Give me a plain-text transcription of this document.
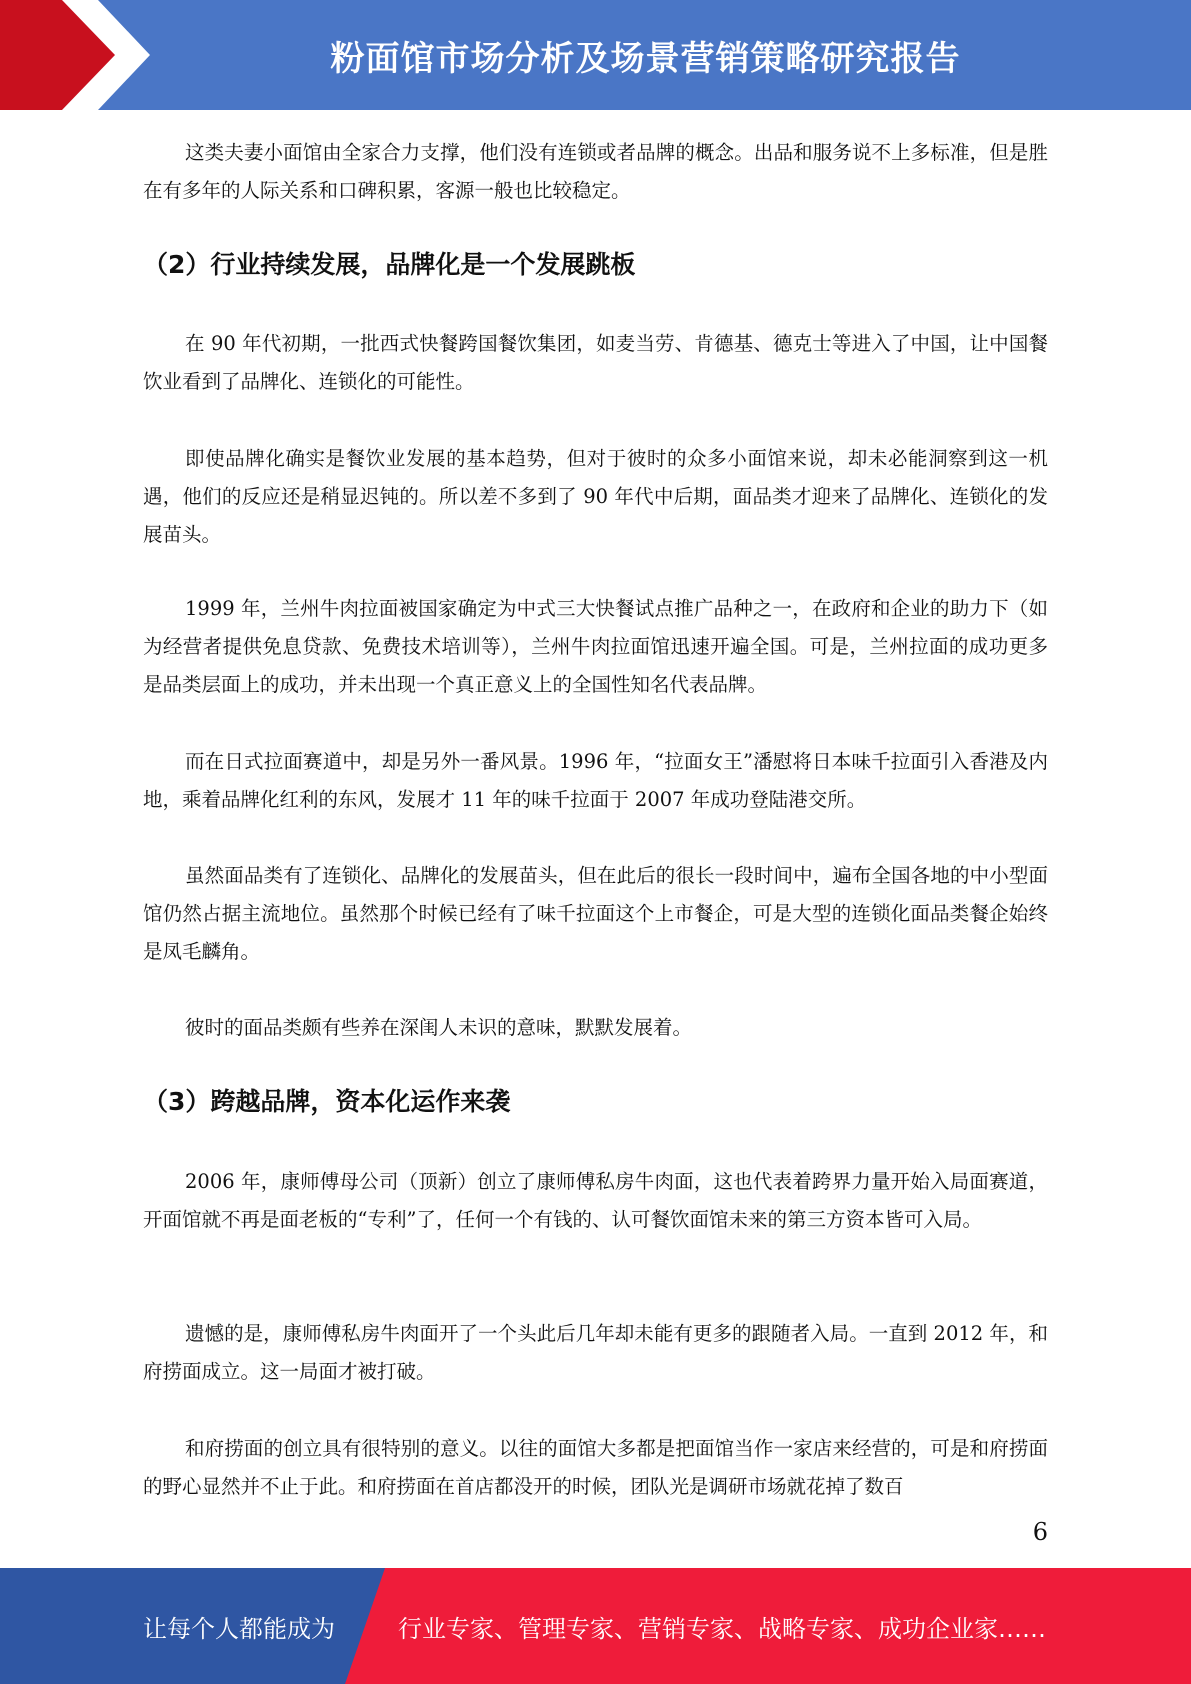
粉面馆市场分析及场景营销策略研究报告

这类夫妻小面馆由全家合力支撑，他们没有连锁或者品牌的概念。出品和服务说不上多标准，但是胜在有多年的人际关系和口碑积累，客源一般也比较稳定。

（2）行业持续发展，品牌化是一个发展跳板

在 90 年代初期，一批西式快餐跨国餐饮集团，如麦当劳、肯德基、德克士等进入了中国，让中国餐饮业看到了品牌化、连锁化的可能性。

即使品牌化确实是餐饮业发展的基本趋势，但对于彼时的众多小面馆来说，却未必能洞察到这一机遇，他们的反应还是稍显迟钝的。所以差不多到了 90 年代中后期，面品类才迎来了品牌化、连锁化的发展苗头。

1999 年，兰州牛肉拉面被国家确定为中式三大快餐试点推广品种之一，在政府和企业的助力下（如为经营者提供免息贷款、免费技术培训等），兰州牛肉拉面馆迅速开遍全国。可是，兰州拉面的成功更多是品类层面上的成功，并未出现一个真正意义上的全国性知名代表品牌。

而在日式拉面赛道中，却是另外一番风景。1996 年，“拉面女王”潘慰将日本味千拉面引入香港及内地，乘着品牌化红利的东风，发展才 11 年的味千拉面于 2007 年成功登陆港交所。

虽然面品类有了连锁化、品牌化的发展苗头，但在此后的很长一段时间中，遍布全国各地的中小型面馆仍然占据主流地位。虽然那个时候已经有了味千拉面这个上市餐企，可是大型的连锁化面品类餐企始终是凤毛麟角。

彼时的面品类颇有些养在深闺人未识的意味，默默发展着。

（3）跨越品牌，资本化运作来袭

2006 年，康师傅母公司（顶新）创立了康师傅私房牛肉面，这也代表着跨界力量开始入局面赛道，开面馆就不再是面老板的“专利”了，任何一个有钱的、认可餐饮面馆未来的第三方资本皆可入局。

遗憾的是，康师傅私房牛肉面开了一个头此后几年却未能有更多的跟随者入局。一直到 2012 年，和府捞面成立。这一局面才被打破。

和府捞面的创立具有很特别的意义。以往的面馆大多都是把面馆当作一家店来经营的，可是和府捞面的野心显然并不止于此。和府捞面在首店都没开的时候，团队光是调研市场就花掉了数百

6
让每个人都能成为	行业专家、管理专家、营销专家、战略专家、成功企业家……
